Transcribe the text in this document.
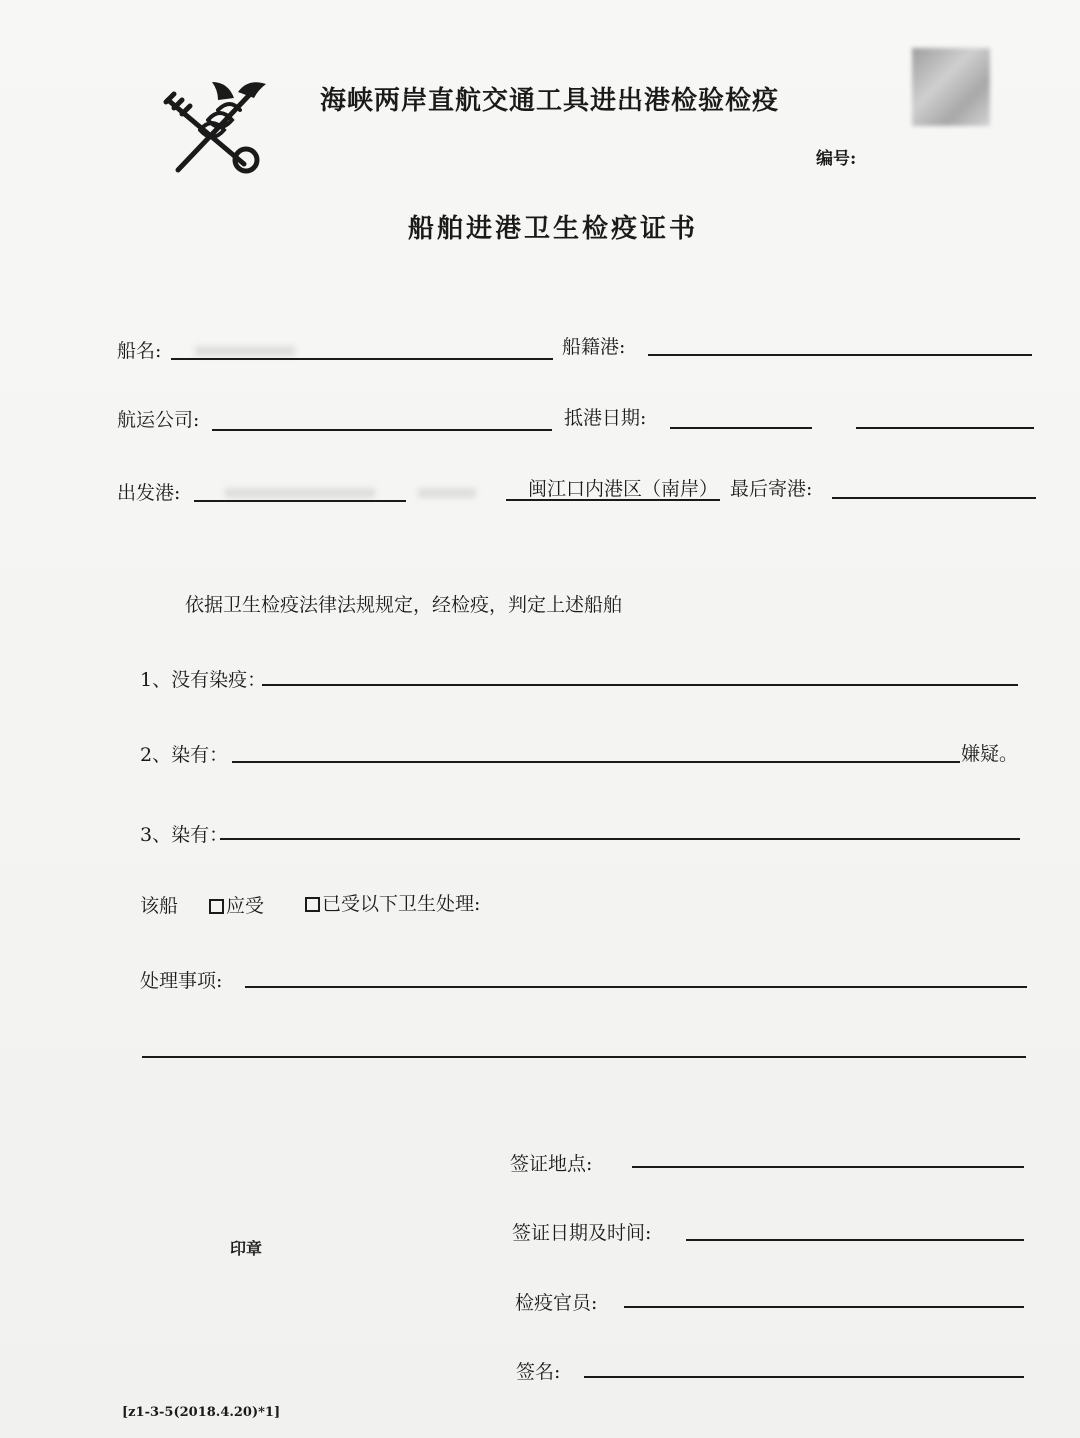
海峡两岸直航交通工具进出港检验检疫
编号:
船舶进港卫生检疫证书
船名:	船籍港:
航运公司:	抵港日期:
出发港:	闽江口内港区（南岸） 最后寄港:
依据卫生检疫法律法规规定，经检疫，判定上述船舶
1、没有染疫：
2、染有：	嫌疑。
3、染有：
该船	应受	已受以下卫生处理:
处理事项:
签证地点:
印章
签证日期及时间:
检疫官员:
签名:
[z1-3-5(2018.4.20)*1]
